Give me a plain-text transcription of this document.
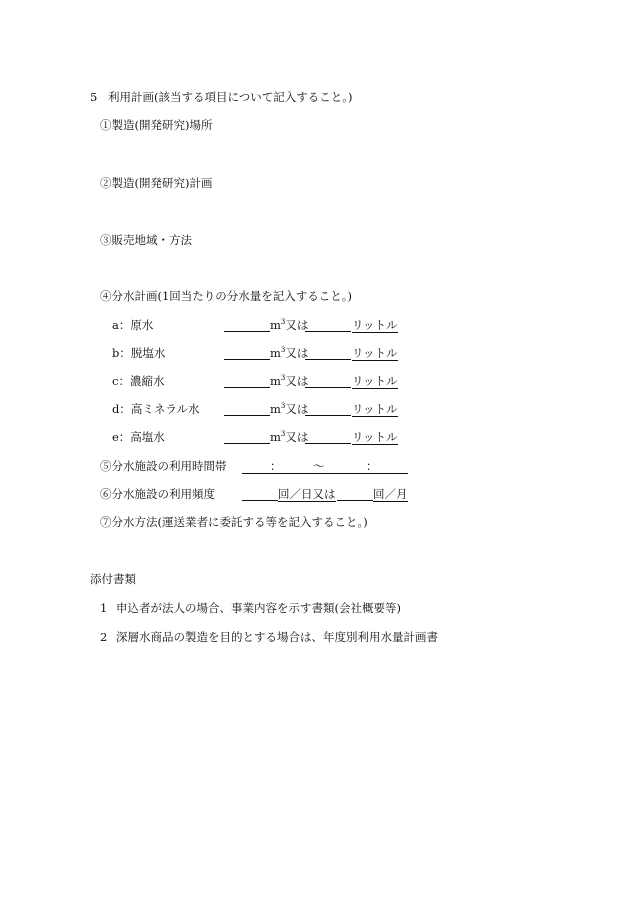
5 利用計画(該当する項目について記入すること。)
①製造(開発研究)場所
②製造(開発研究)計画
③販売地域・方法
④分水計画(1回当たりの分水量を記入すること。)
a：原水	$m^3$又は	リットル
b：脱塩水	$m^3$又は	リットル
c：濃縮水	$m^3$又は	リットル
d：高ミネラル水	$m^3$又は	リットル
e：高塩水	$m^3$又は	リットル
⑤分水施設の利用時間帯	：	～	：
⑥分水施設の利用頻度	回／日又は	回／月
⑦分水方法(運送業者に委託する等を記入すること。)
添付書類
1 申込者が法人の場合、事業内容を示す書類(会社概要等)
2 深層水商品の製造を目的とする場合は、年度別利用水量計画書
